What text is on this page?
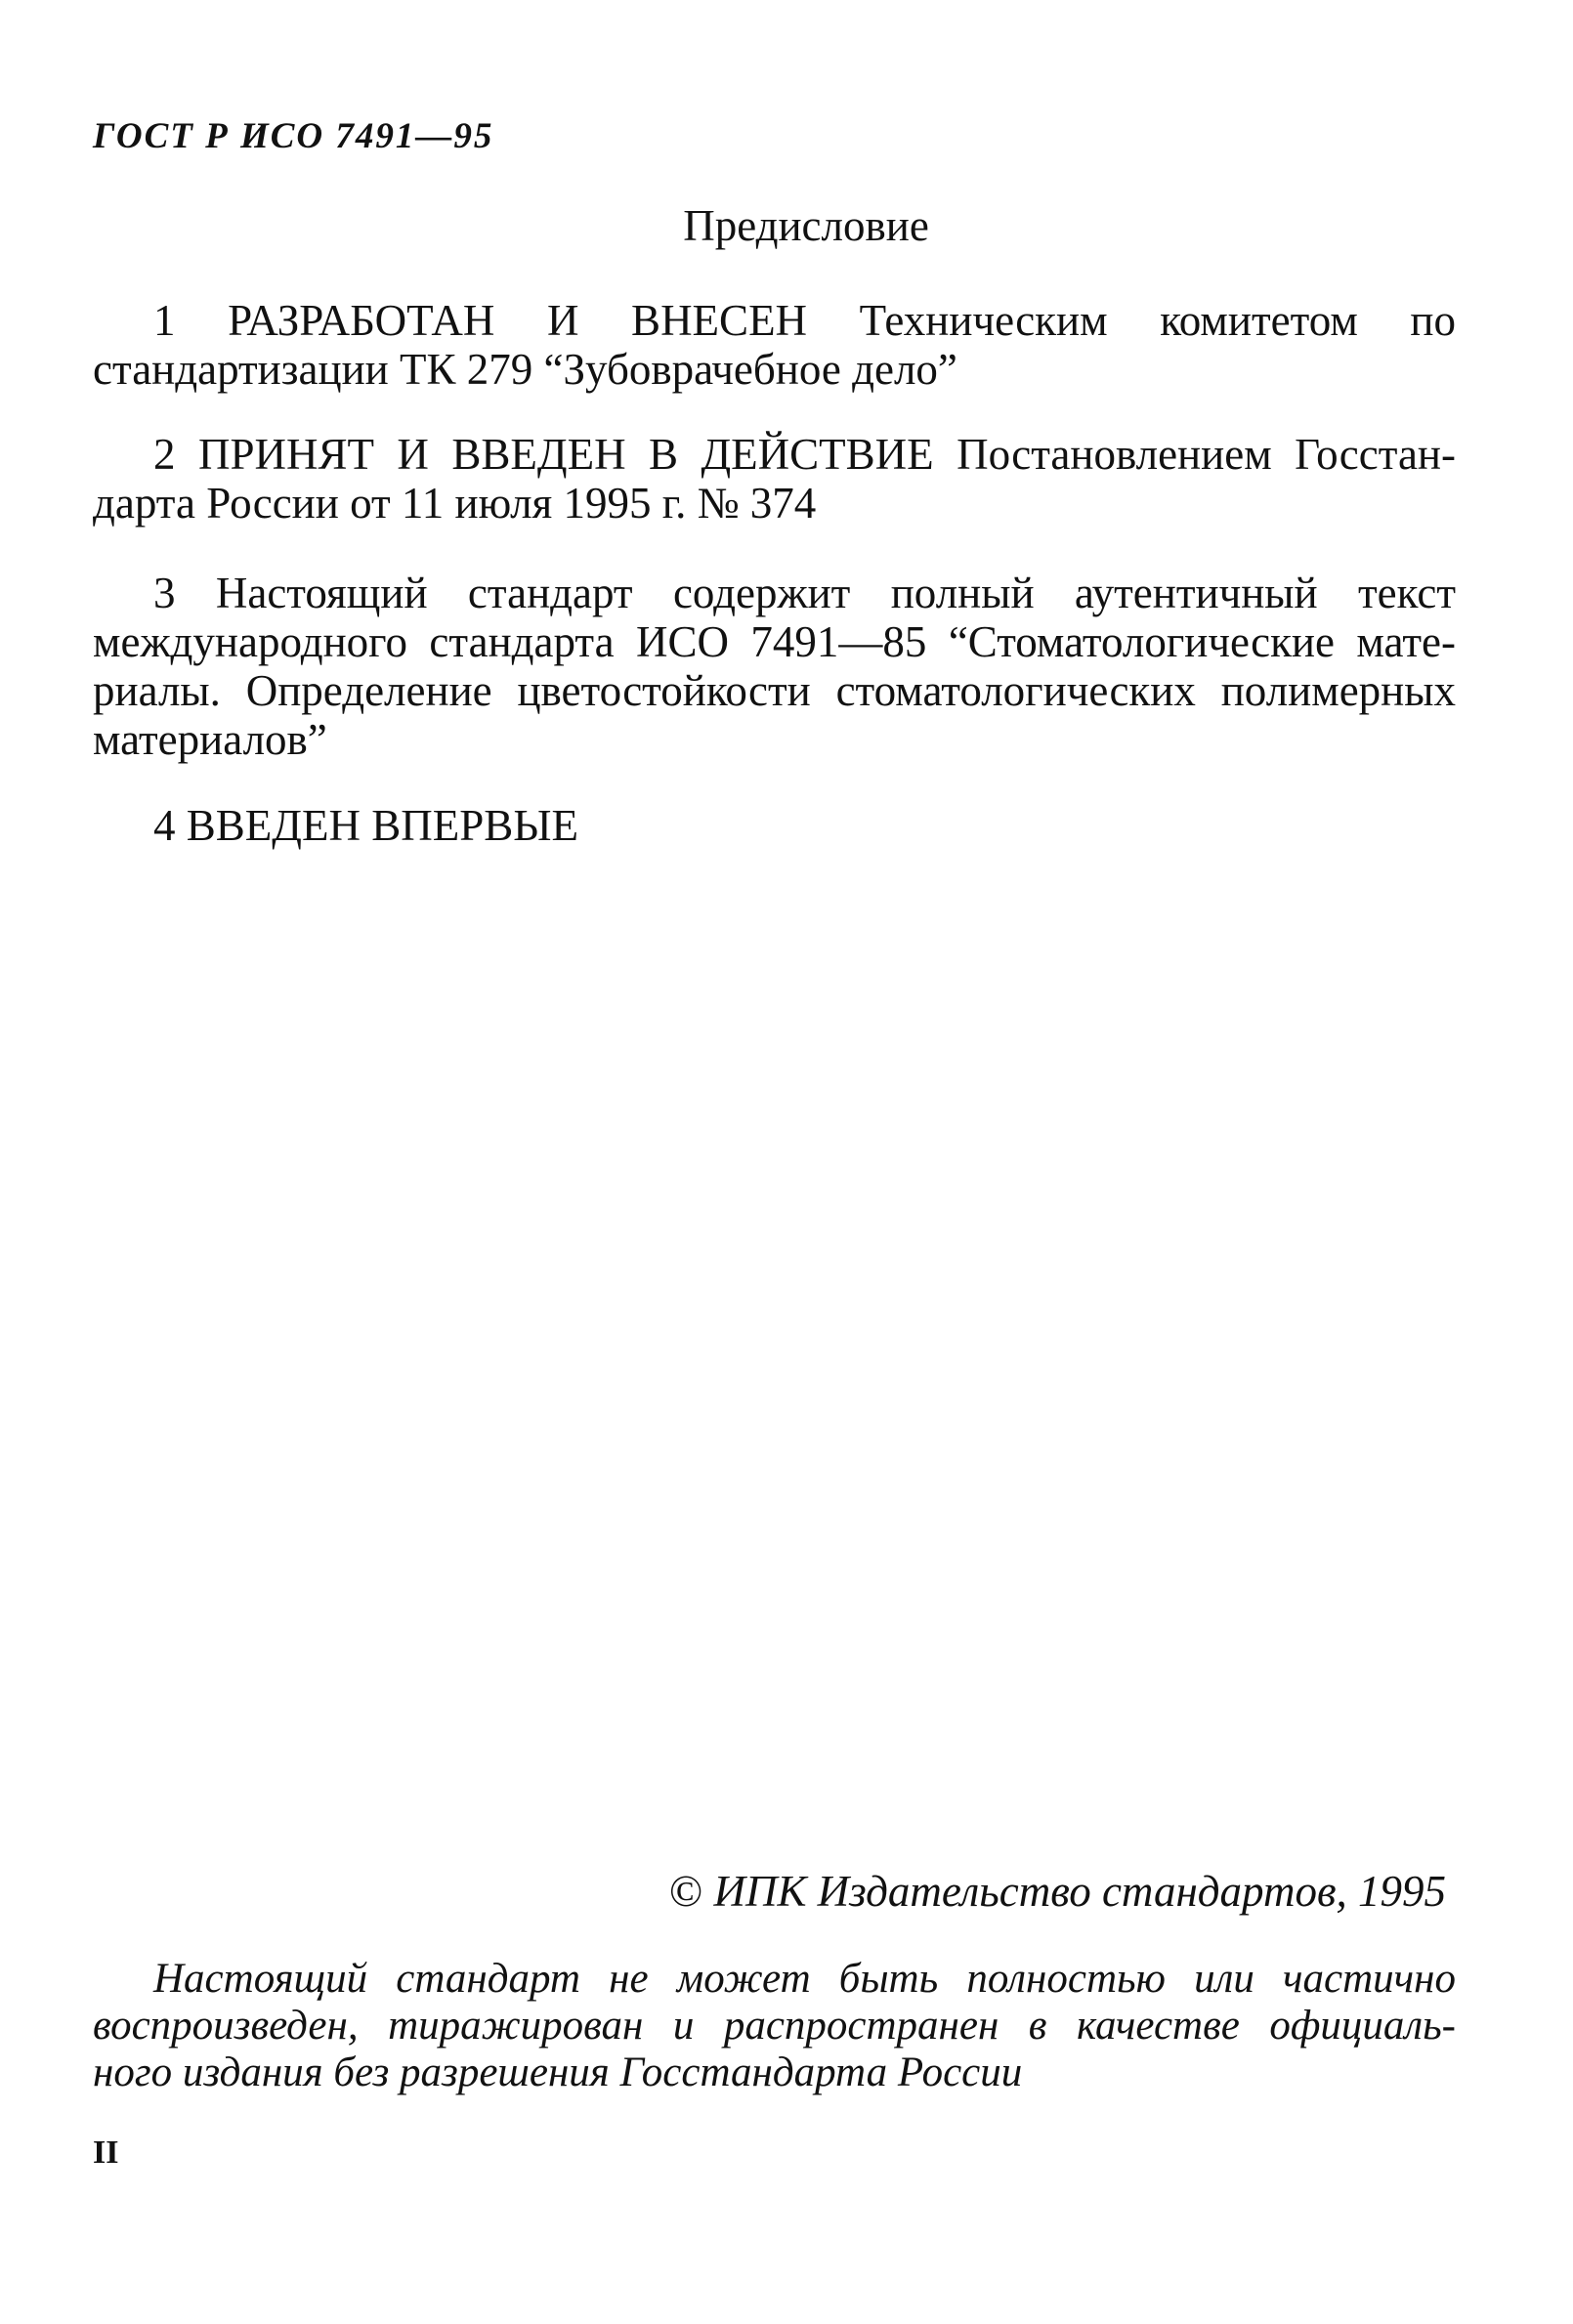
ГОСТ Р ИСО 7491—95
Предисловие
1 РАЗРАБОТАН И ВНЕСЕН Техническим комитетом по
стандартизации ТК 279 “Зубоврачебное дело”
2 ПРИНЯТ И ВВЕДЕН В ДЕЙСТВИЕ Постановлением Госстан-
дарта России от 11 июля 1995 г. № 374
3 Настоящий стандарт содержит полный аутентичный текст
международного стандарта ИСО 7491—85 “Стоматологические мате-
риалы. Определение цветостойкости стоматологических полимерных
материалов”
4 ВВЕДЕН ВПЕРВЫЕ
© ИПК Издательство стандартов, 1995
Настоящий стандарт не может быть полностью или частично
воспроизведен, тиражирован и распространен в качестве официаль-
ного издания без разрешения Госстандарта России
II
